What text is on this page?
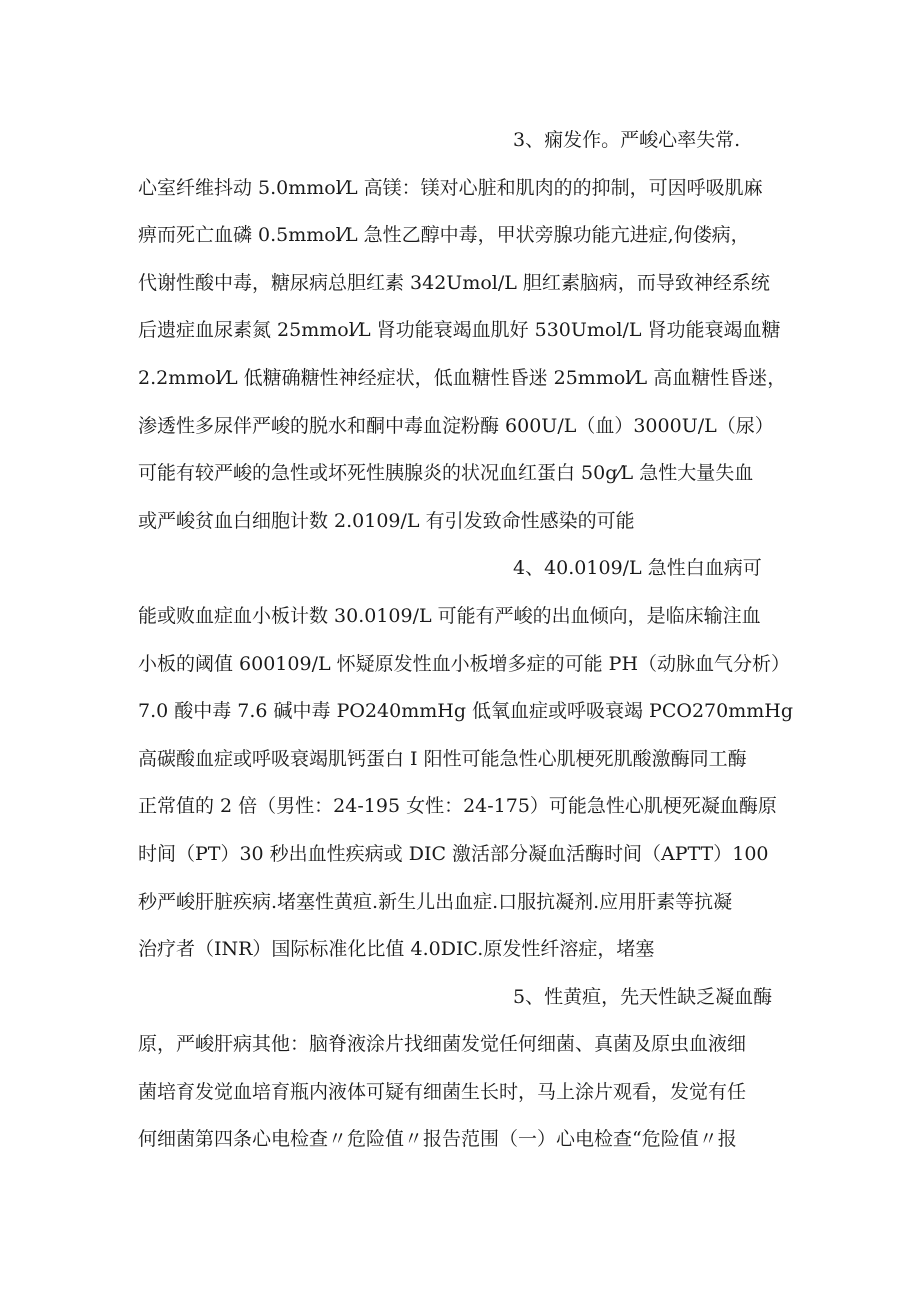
3、痫发作。严峻心率失常.
心室纤维抖动 5.0mmol⁄L 高镁：镁对心脏和肌肉的的抑制，可因呼吸肌麻
痹而死亡血磷 0.5mmol⁄L 急性乙醇中毒，甲状旁腺功能亢进症,佝偻病，
代谢性酸中毒，糖尿病总胆红素 342Umol/L 胆红素脑病，而导致神经系统
后遗症血尿素氮 25mmol⁄L 肾功能衰竭血肌好 530Umol/L 肾功能衰竭血糖
2.2mmol⁄L 低糖确糖性神经症状，低血糖性昏迷 25mmol⁄L 高血糖性昏迷，
渗透性多尿伴严峻的脱水和酮中毒血淀粉酶 600U/L（血）3000U/L（尿）
可能有较严峻的急性或坏死性胰腺炎的状况血红蛋白 50g⁄L 急性大量失血
或严峻贫血白细胞计数 2.0109/L 有引发致命性感染的可能
4、40.0109/L 急性白血病可
能或败血症血小板计数 30.0109/L 可能有严峻的出血倾向，是临床输注血
小板的阈值 600109/L 怀疑原发性血小板增多症的可能 PH（动脉血气分析）
7.0 酸中毒 7.6 碱中毒 PO240mmHg 低氧血症或呼吸衰竭 PCO270mmHg
高碳酸血症或呼吸衰竭肌钙蛋白 I 阳性可能急性心肌梗死肌酸激酶同工酶
正常值的 2 倍（男性：24-195 女性：24-175）可能急性心肌梗死凝血酶原
时间（PT）30 秒出血性疾病或 DIC 激活部分凝血活酶时间（APTT）100
秒严峻肝脏疾病.堵塞性黄疸.新生儿出血症.口服抗凝剂.应用肝素等抗凝
治疗者（INR）国际标准化比值 4.0DIC.原发性纤溶症，堵塞
5、性黄疸，先天性缺乏凝血酶
原，严峻肝病其他：脑脊液涂片找细菌发觉任何细菌、真菌及原虫血液细
菌培育发觉血培育瓶内液体可疑有细菌生长时，马上涂片观看，发觉有任
何细菌第四条心电检查〃危险值〃报告范围（一）心电检查“危险值〃报
